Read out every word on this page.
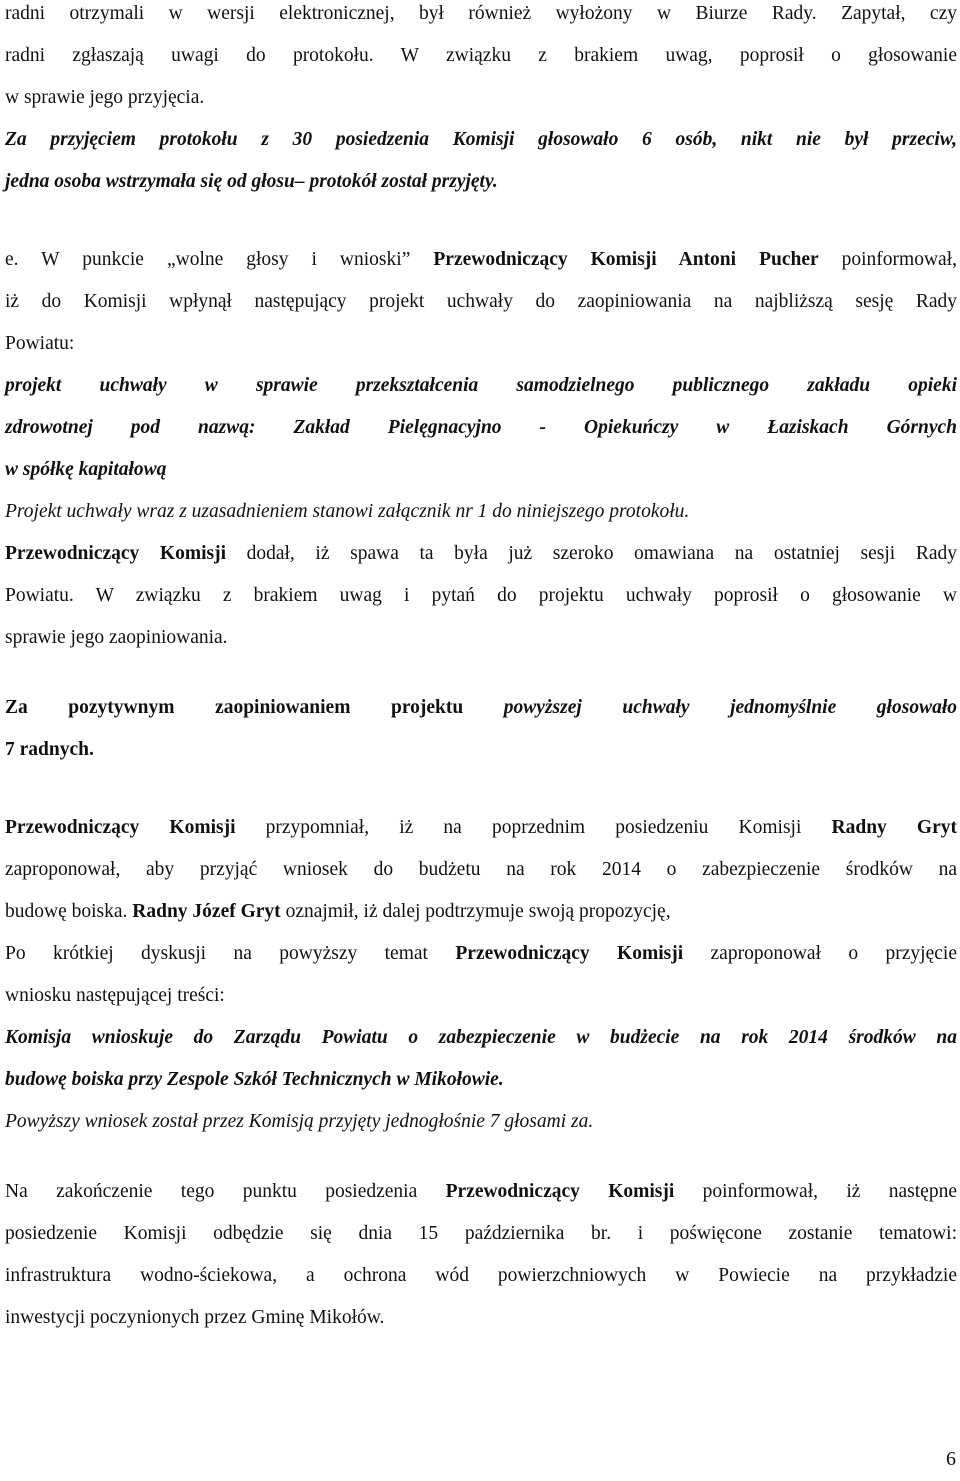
radni otrzymali w wersji elektronicznej, był również wyłożony w Biurze Rady. Zapytał, czy
radni zgłaszają uwagi do protokołu. W związku z brakiem uwag, poprosił o głosowanie
w sprawie jego przyjęcia.
Za przyjęciem protokołu z 30 posiedzenia Komisji głosowało 6 osób, nikt nie był przeciw,
jedna osoba wstrzymała się od głosu– protokół został przyjęty.
e. W punkcie „wolne głosy i wnioski” Przewodniczący Komisji Antoni Pucher poinformował,
iż do Komisji wpłynął następujący projekt uchwały do zaopiniowania na najbliższą sesję Rady
Powiatu:
projekt uchwały w sprawie przekształcenia samodzielnego publicznego zakładu opieki
zdrowotnej pod nazwą: Zakład Pielęgnacyjno - Opiekuńczy w Łaziskach Górnych
w spółkę kapitałową
Projekt uchwały wraz z uzasadnieniem stanowi załącznik nr 1 do niniejszego protokołu.
Przewodniczący Komisji dodał, iż spawa ta była już szeroko omawiana na ostatniej sesji Rady
Powiatu. W związku z brakiem uwag i pytań do projektu uchwały poprosił o głosowanie w
sprawie jego zaopiniowania.
Za pozytywnym zaopiniowaniem projektu powyższej uchwały jednomyślnie głosowało
7 radnych.
Przewodniczący Komisji przypomniał, iż na poprzednim posiedzeniu Komisji Radny Gryt
zaproponował, aby przyjąć wniosek do budżetu na rok 2014 o zabezpieczenie środków na
budowę boiska. Radny Józef Gryt oznajmił, iż dalej podtrzymuje swoją propozycję,
Po krótkiej dyskusji na powyższy temat Przewodniczący Komisji zaproponował o przyjęcie
wniosku następującej treści:
Komisja wnioskuje do Zarządu Powiatu o zabezpieczenie w budżecie na rok 2014 środków na
budowę boiska przy Zespole Szkół Technicznych w Mikołowie.
Powyższy wniosek został przez Komisją przyjęty jednogłośnie 7 głosami za.
Na zakończenie tego punktu posiedzenia Przewodniczący Komisji poinformował, iż następne
posiedzenie Komisji odbędzie się dnia 15 października br. i poświęcone zostanie tematowi:
infrastruktura wodno-ściekowa, a ochrona wód powierzchniowych w Powiecie na przykładzie
inwestycji poczynionych przez Gminę Mikołów.
6
